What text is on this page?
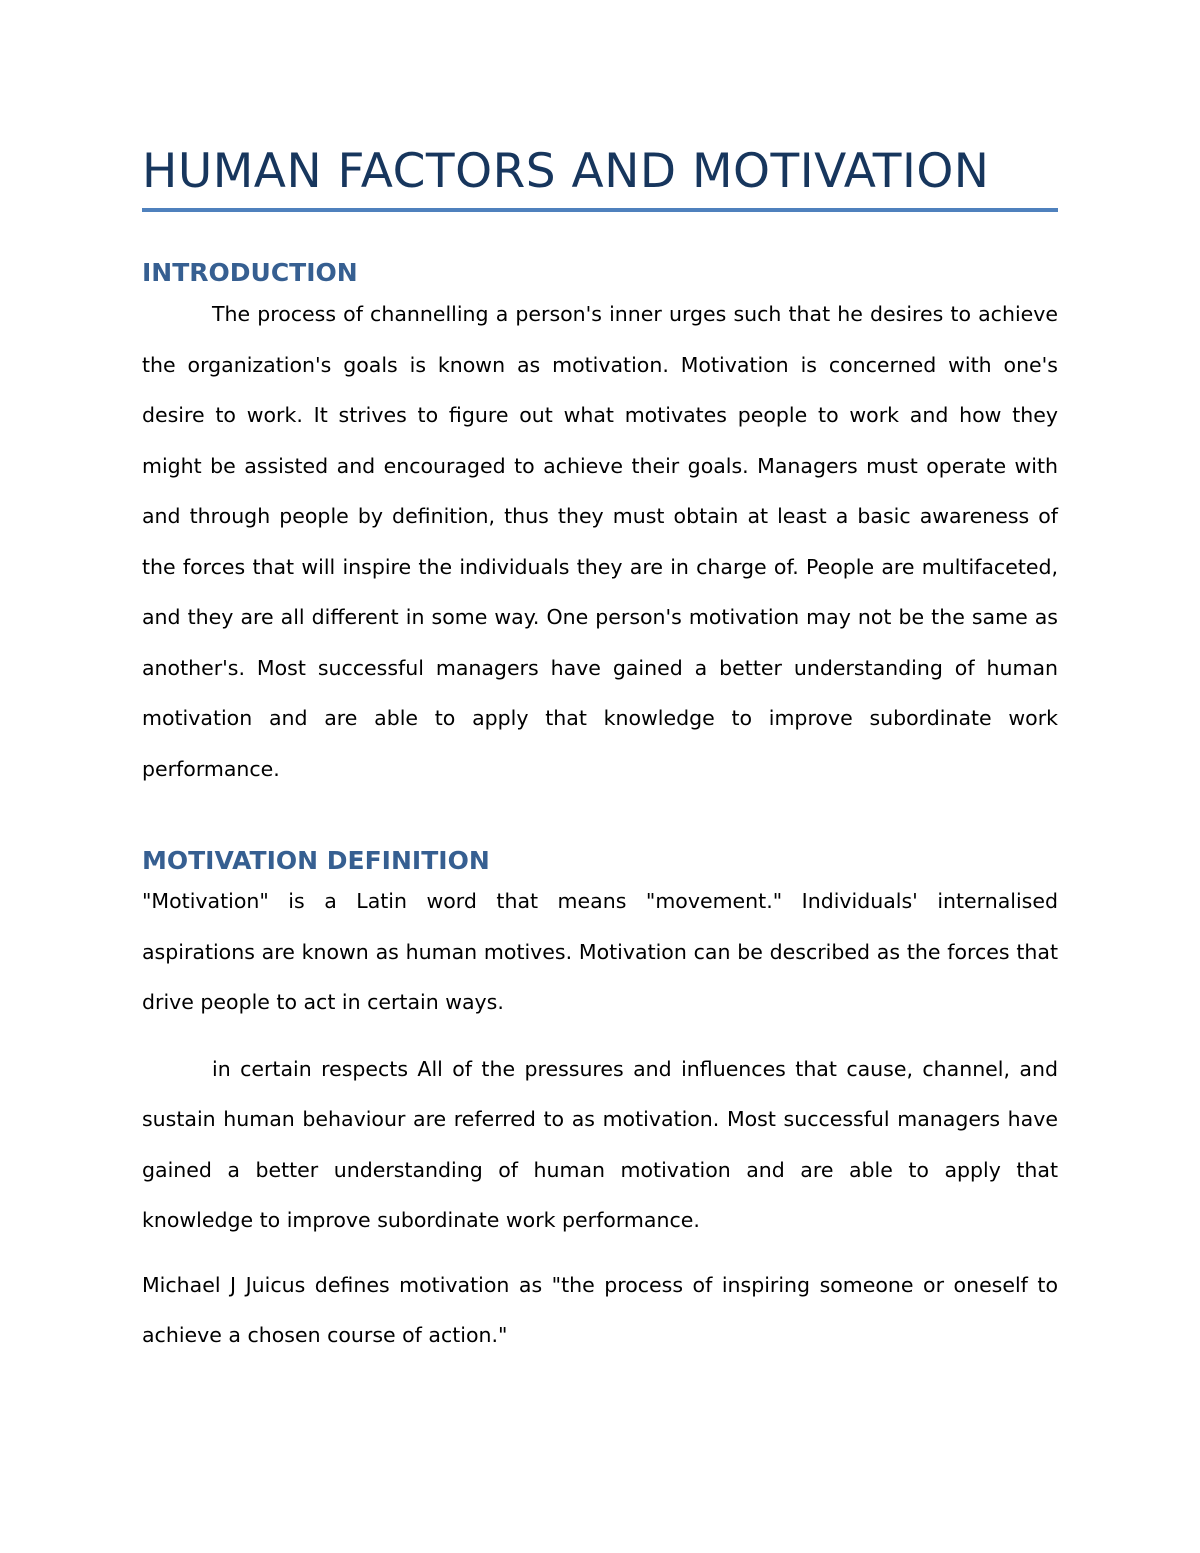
HUMAN FACTORS AND MOTIVATION
INTRODUCTION

The process of channelling a person's inner urges such that he desires to achieve the organization's goals is known as motivation. Motivation is concerned with one's desire to work. It strives to figure out what motivates people to work and how they might be assisted and encouraged to achieve their goals. Managers must operate with and through people by definition, thus they must obtain at least a basic awareness of the forces that will inspire the individuals they are in charge of. People are multifaceted, and they are all different in some way. One person's motivation may not be the same as another's. Most successful managers have gained a better understanding of human motivation and are able to apply that knowledge to improve subordinate work performance.

MOTIVATION DEFINITION

"Motivation" is a Latin word that means "movement." Individuals' internalised aspirations are known as human motives. Motivation can be described as the forces that drive people to act in certain ways.

in certain respects All of the pressures and influences that cause, channel, and sustain human behaviour are referred to as motivation. Most successful managers have gained a better understanding of human motivation and are able to apply that knowledge to improve subordinate work performance.

Michael J Juicus defines motivation as "the process of inspiring someone or oneself to achieve a chosen course of action."
